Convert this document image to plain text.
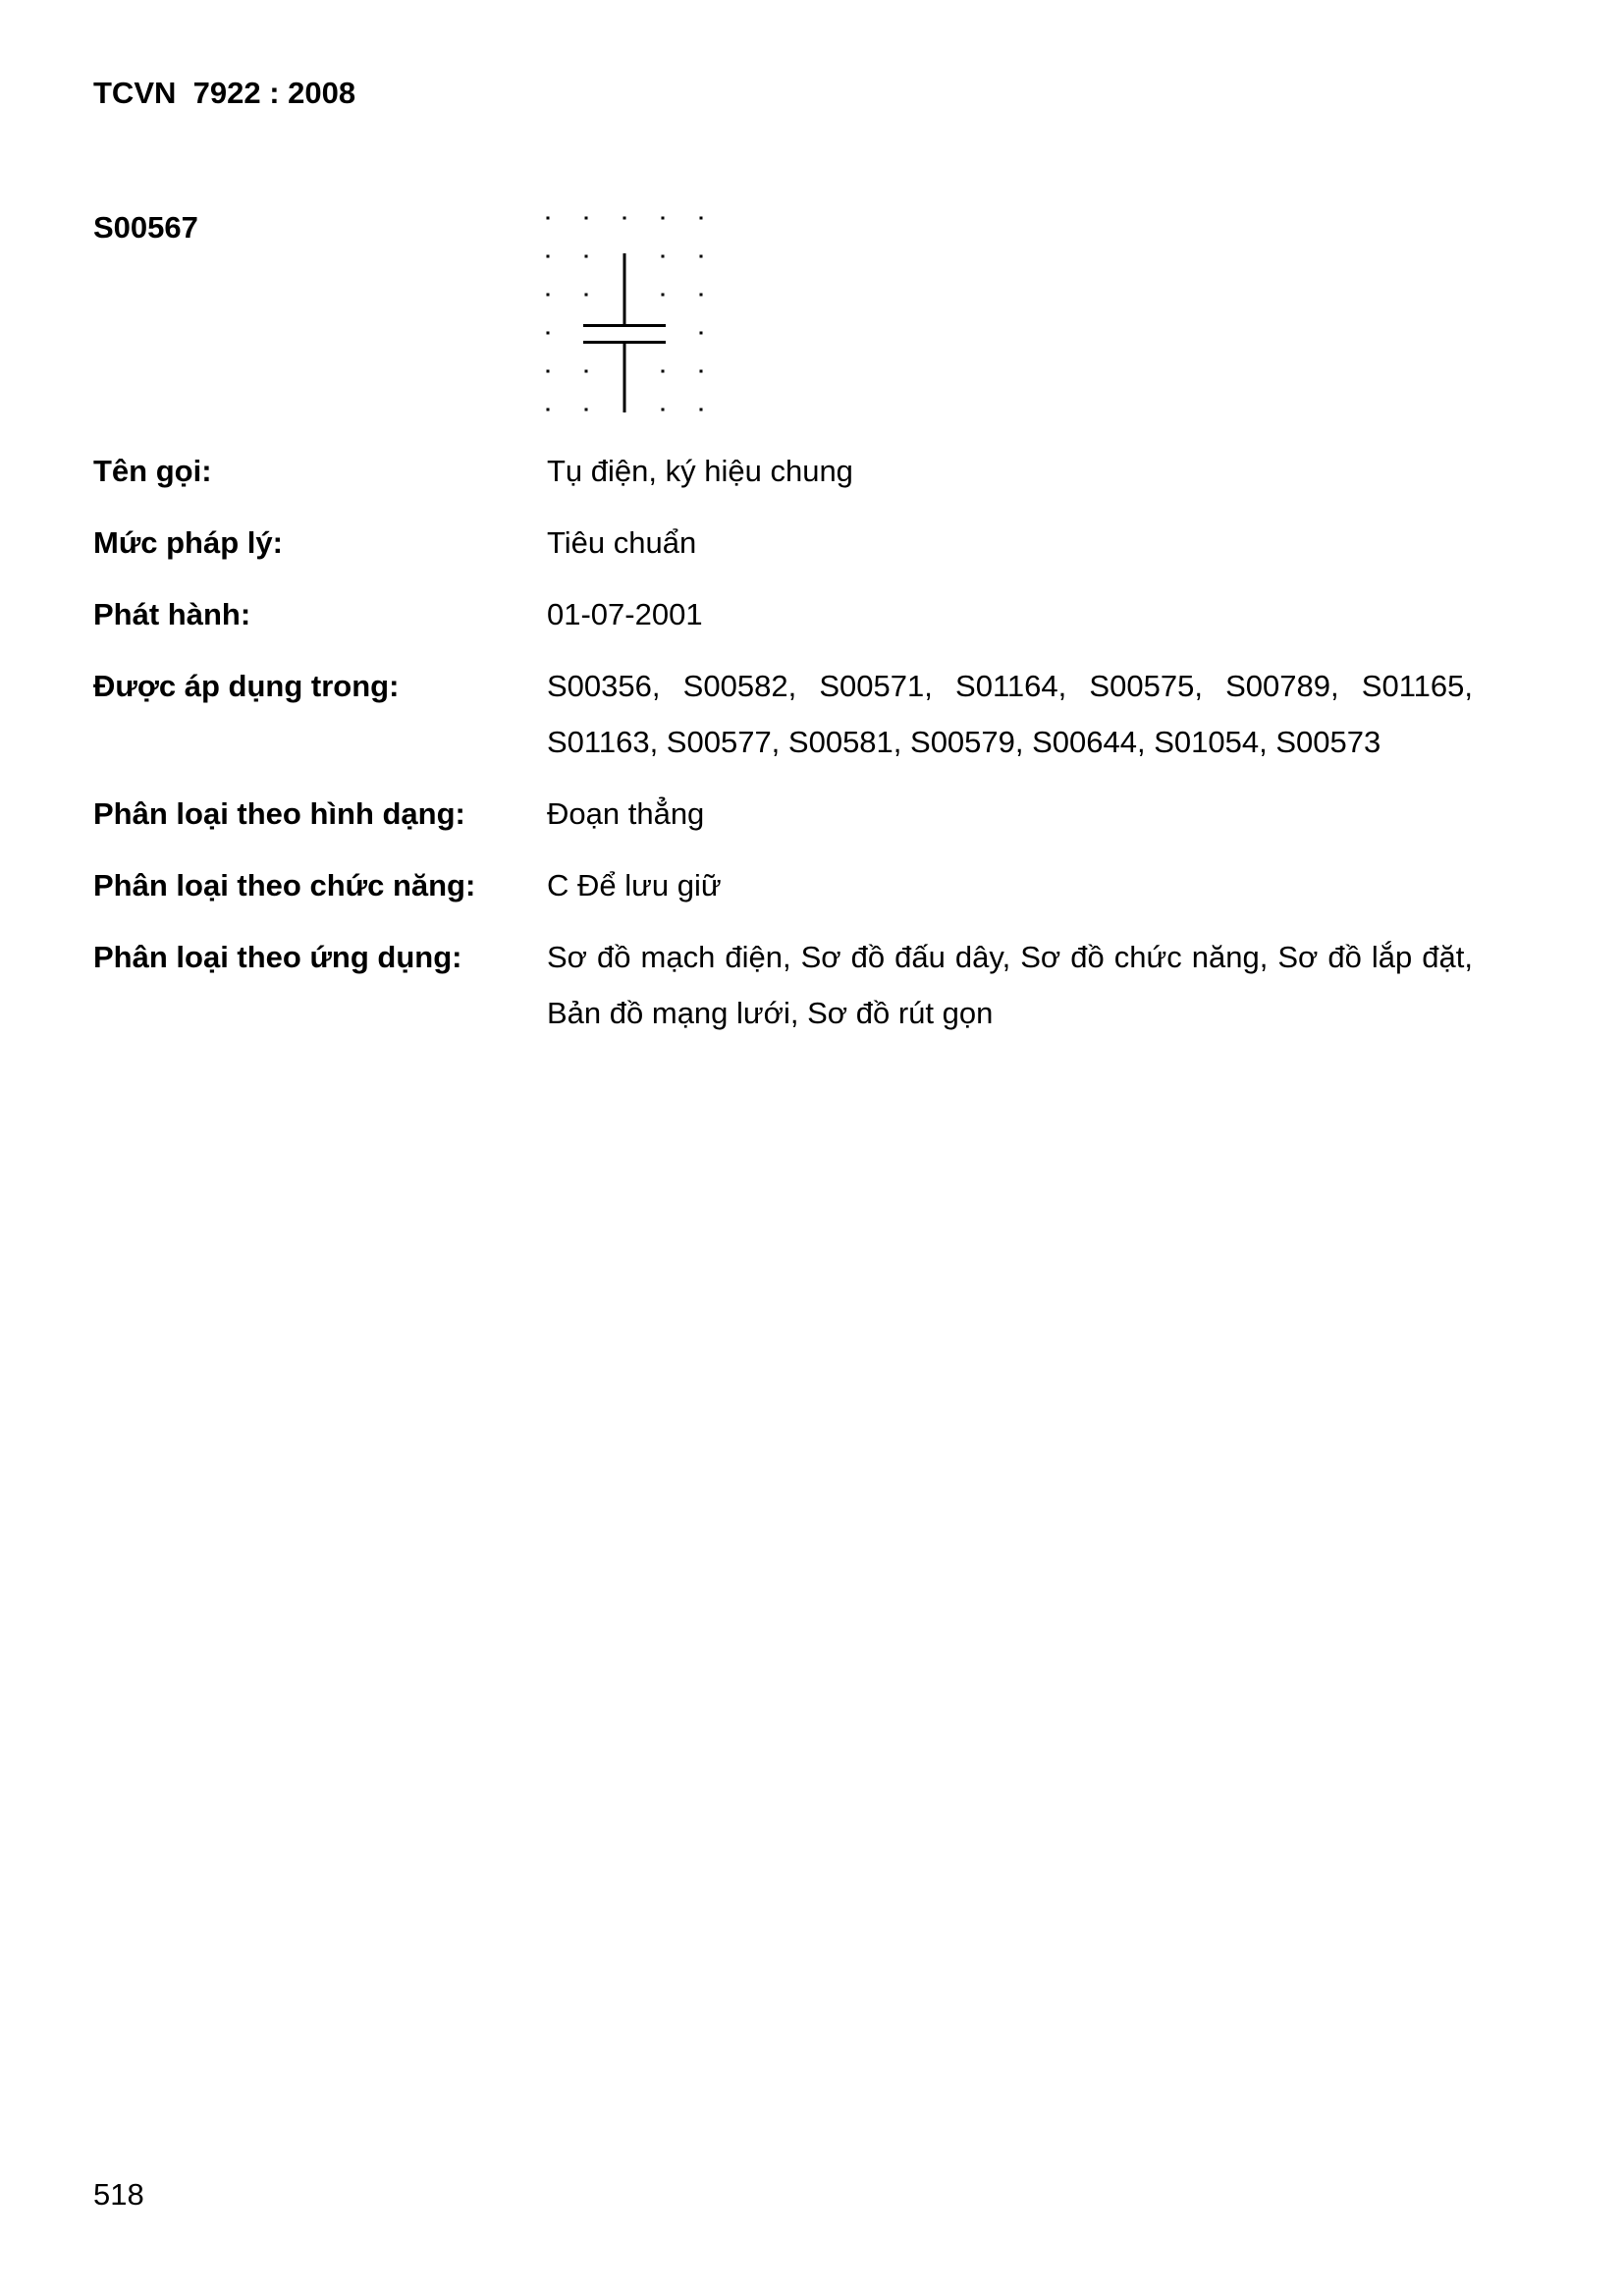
TCVN  7922 : 2008
S00567
Tên gọi:	Tụ điện, ký hiệu chung
Mức pháp lý:	Tiêu chuẩn
Phát hành:	01-07-2001
Được áp dụng trong:	S00356, S00582, S00571, S01164, S00575, S00789, S01165,
S01163, S00577, S00581, S00579, S00644, S01054, S00573
Phân loại theo hình dạng:	Đoạn thẳng
Phân loại theo chức năng:	C Để lưu giữ
Phân loại theo ứng dụng:	Sơ đồ mạch điện, Sơ đồ đấu dây, Sơ đồ chức năng, Sơ đồ lắp đặt,
Bản đồ mạng lưới, Sơ đồ rút gọn
518
